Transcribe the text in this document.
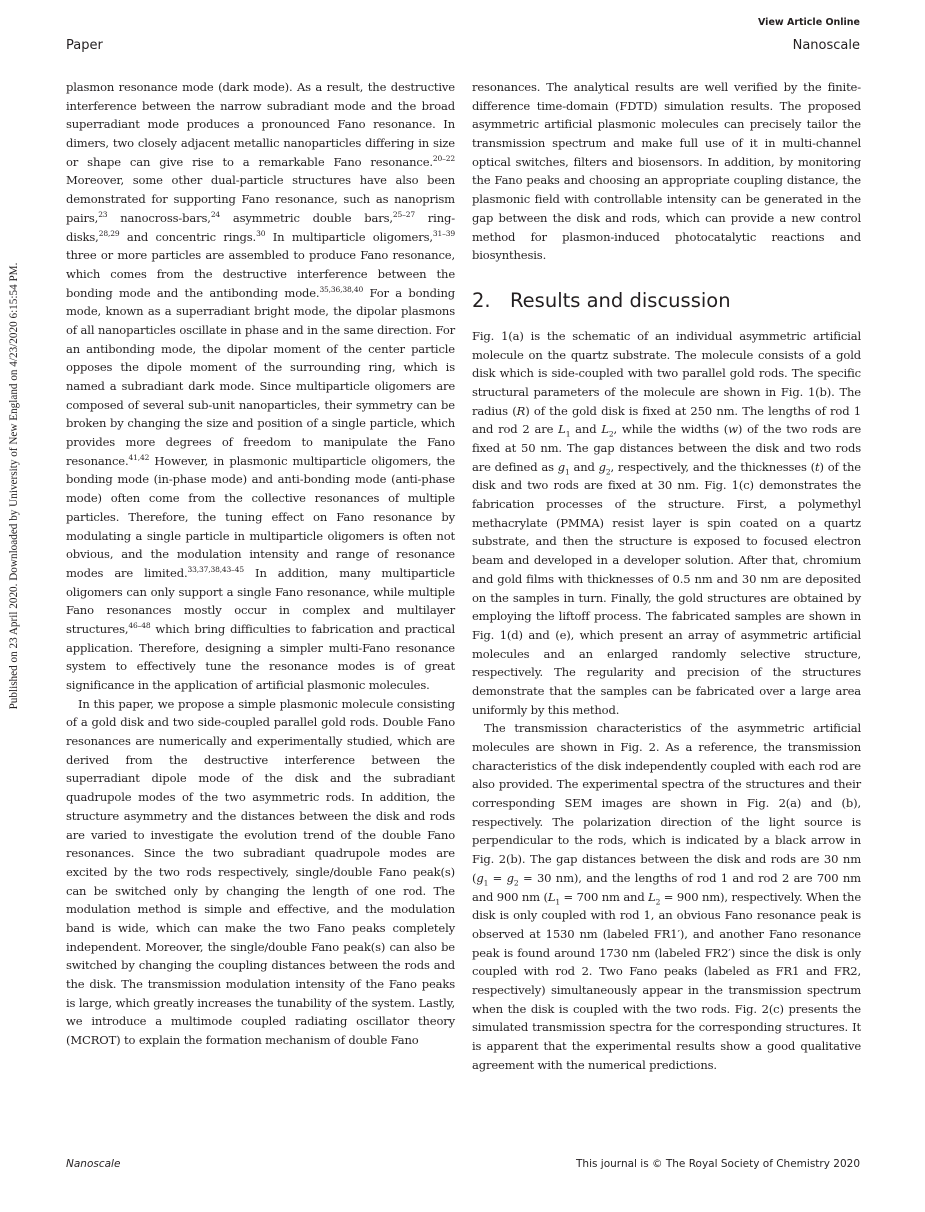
View Article Online
Paper	Nanoscale
Published on 23 April 2020. Downloaded by University of New England on 4/23/2020 6:15:54 PM.

plasmon resonance mode (dark mode). As a result, the destructive interference between the narrow subradiant mode and the broad superradiant mode produces a pronounced Fano resonance. In dimers, two closely adjacent metallic nanoparticles differing in size or shape can give rise to a remarkable Fano resonance.$^{20-22}$ Moreover, some other dual-particle structures have also been demonstrated for supporting Fano resonance, such as nanoprism pairs,$^{23}$ nanocross-bars,$^{24}$ asymmetric double bars,$^{25-27}$ ring-disks,$^{28,29}$ and concentric rings.$^{30}$ In multiparticle oligomers,$^{31-39}$ three or more particles are assembled to produce Fano resonance, which comes from the destructive interference between the bonding mode and the antibonding mode.$^{35,36,38,40}$ For a bonding mode, known as a superradiant bright mode, the dipolar plasmons of all nanoparticles oscillate in phase and in the same direction. For an antibonding mode, the dipolar moment of the center particle opposes the dipole moment of the surrounding ring, which is named a subradiant dark mode. Since multiparticle oligomers are composed of several sub-unit nanoparticles, their symmetry can be broken by changing the size and position of a single particle, which provides more degrees of freedom to manipulate the Fano resonance.$^{41,42}$ However, in plasmonic multiparticle oligomers, the bonding mode (in-phase mode) and anti-bonding mode (anti-phase mode) often come from the collective resonances of multiple particles. Therefore, the tuning effect on Fano resonance by modulating a single particle in multiparticle oligomers is often not obvious, and the modulation intensity and range of resonance modes are limited.$^{33,37,38,43-45}$ In addition, many multiparticle oligomers can only support a single Fano resonance, while multiple Fano resonances mostly occur in complex and multilayer structures,$^{46-48}$ which bring difficulties to fabrication and practical application. Therefore, designing a simpler multi-Fano resonance system to effectively tune the resonance modes is of great significance in the application of artificial plasmonic molecules.

In this paper, we propose a simple plasmonic molecule consisting of a gold disk and two side-coupled parallel gold rods. Double Fano resonances are numerically and experimentally studied, which are derived from the destructive interference between the superradiant dipole mode of the disk and the subradiant quadrupole modes of the two asymmetric rods. In addition, the structure asymmetry and the distances between the disk and rods are varied to investigate the evolution trend of the double Fano resonances. Since the two subradiant quadrupole modes are excited by the two rods respectively, single/double Fano peak(s) can be switched only by changing the length of one rod. The modulation method is simple and effective, and the modulation band is wide, which can make the two Fano peaks completely independent. Moreover, the single/double Fano peak(s) can also be switched by changing the coupling distances between the rods and the disk. The transmission modulation intensity of the Fano peaks is large, which greatly increases the tunability of the system. Lastly, we introduce a multimode coupled radiating oscillator theory (MCROT) to explain the formation mechanism of double Fano

resonances. The analytical results are well verified by the finite-difference time-domain (FDTD) simulation results. The proposed asymmetric artificial plasmonic molecules can precisely tailor the transmission spectrum and make full use of it in multi-channel optical switches, filters and biosensors. In addition, by monitoring the Fano peaks and choosing an appropriate coupling distance, the plasmonic field with controllable intensity can be generated in the gap between the disk and rods, which can provide a new control method for plasmon-induced photocatalytic reactions and biosynthesis.

2. Results and discussion

Fig. 1(a) is the schematic of an individual asymmetric artificial molecule on the quartz substrate. The molecule consists of a gold disk which is side-coupled with two parallel gold rods. The specific structural parameters of the molecule are shown in Fig. 1(b). The radius (R) of the gold disk is fixed at 250 nm. The lengths of rod 1 and rod 2 are $L_1$ and $L_2$, while the widths (w) of the two rods are fixed at 50 nm. The gap distances between the disk and two rods are defined as $g_1$ and $g_2$, respectively, and the thicknesses (t) of the disk and two rods are fixed at 30 nm. Fig. 1(c) demonstrates the fabrication processes of the structure. First, a polymethyl methacrylate (PMMA) resist layer is spin coated on a quartz substrate, and then the structure is exposed to focused electron beam and developed in a developer solution. After that, chromium and gold films with thicknesses of 0.5 nm and 30 nm are deposited on the samples in turn. Finally, the gold structures are obtained by employing the liftoff process. The fabricated samples are shown in Fig. 1(d) and (e), which present an array of asymmetric artificial molecules and an enlarged randomly selective structure, respectively. The regularity and precision of the structures demonstrate that the samples can be fabricated over a large area uniformly by this method.

The transmission characteristics of the asymmetric artificial molecules are shown in Fig. 2. As a reference, the transmission characteristics of the disk independently coupled with each rod are also provided. The experimental spectra of the structures and their corresponding SEM images are shown in Fig. 2(a) and (b), respectively. The polarization direction of the light source is perpendicular to the rods, which is indicated by a black arrow in Fig. 2(b). The gap distances between the disk and rods are 30 nm ($g_1 = g_2 = 30$ nm), and the lengths of rod 1 and rod 2 are 700 nm and 900 nm ($L_1 = 700$ nm and $L_2 = 900$ nm), respectively. When the disk is only coupled with rod 1, an obvious Fano resonance peak is observed at 1530 nm (labeled FR1′), and another Fano resonance peak is found around 1730 nm (labeled FR2′) since the disk is only coupled with rod 2. Two Fano peaks (labeled as FR1 and FR2, respectively) simultaneously appear in the transmission spectrum when the disk is coupled with the two rods. Fig. 2(c) presents the simulated transmission spectra for the corresponding structures. It is apparent that the experimental results show a good qualitative agreement with the numerical predictions.

Nanoscale	This journal is © The Royal Society of Chemistry 2020
